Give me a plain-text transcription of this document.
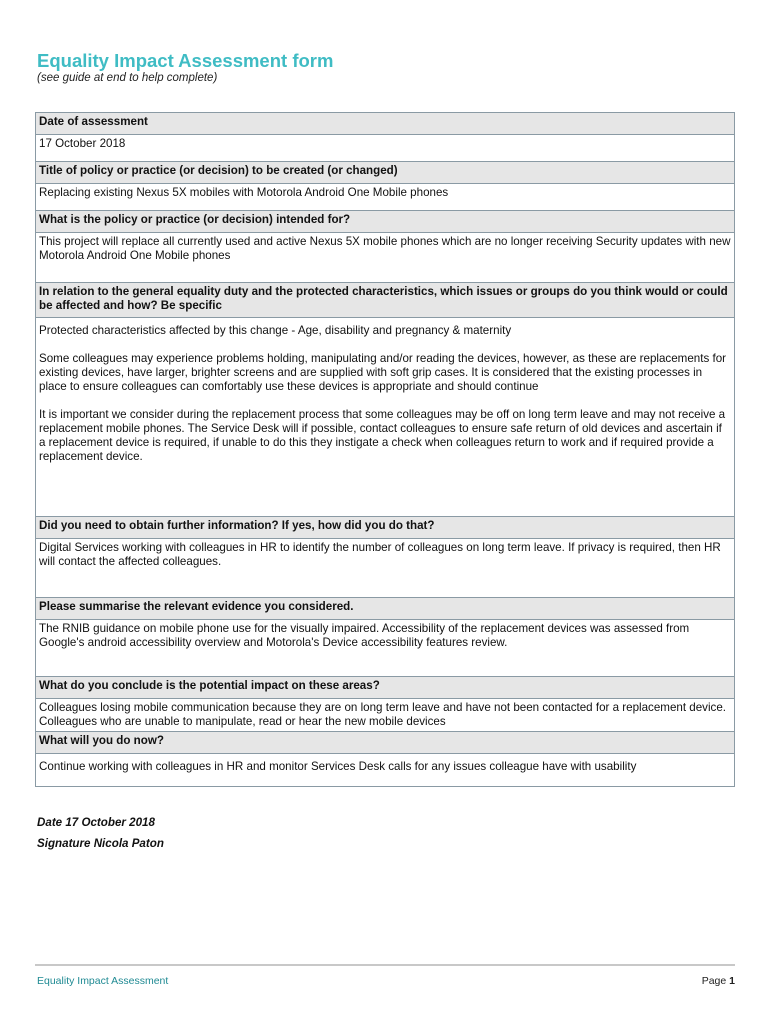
Equality Impact Assessment form
(see guide at end to help complete)
Date of assessment

17 October 2018

Title of policy or practice (or decision) to be created (or changed)

Replacing existing Nexus 5X mobiles with Motorola Android One Mobile phones

What is the policy or practice (or decision) intended for?

This project will replace all currently used and active Nexus 5X mobile phones which are no longer receiving Security updates with new Motorola Android One Mobile phones

In relation to the general equality duty and the protected characteristics, which issues or groups do you think would or could be affected and how? Be specific

Protected characteristics affected by this change - Age, disability and pregnancy & maternity

Some colleagues may experience problems holding, manipulating and/or reading the devices, however, as these are replacements for existing devices, have larger, brighter screens and are supplied with soft grip cases. It is considered that the existing processes in place to ensure colleagues can comfortably use these devices is appropriate and should continue

It is important we consider during the replacement process that some colleagues may be off on long term leave and may not receive a replacement mobile phones. The Service Desk will if possible, contact colleagues to ensure safe return of old devices and ascertain if a replacement device is required, if unable to do this they instigate a check when colleagues return to work and if required provide a replacement device.

Did you need to obtain further information? If yes, how did you do that?

Digital Services working with colleagues in HR to identify the number of colleagues on long term leave. If privacy is required, then HR will contact the affected colleagues.

Please summarise the relevant evidence you considered.

The RNIB guidance on mobile phone use for the visually impaired. Accessibility of the replacement devices was assessed from Google's android accessibility overview and Motorola's Device accessibility features review.

What do you conclude is the potential impact on these areas?

Colleagues losing mobile communication because they are on long term leave and have not been contacted for a replacement device. Colleagues who are unable to manipulate, read or hear the new mobile devices

What will you do now?

Continue working with colleagues in HR and monitor Services Desk calls for any issues colleague have with usability

Date 17 October 2018
Signature Nicola Paton
Equality Impact Assessment	Page 1
